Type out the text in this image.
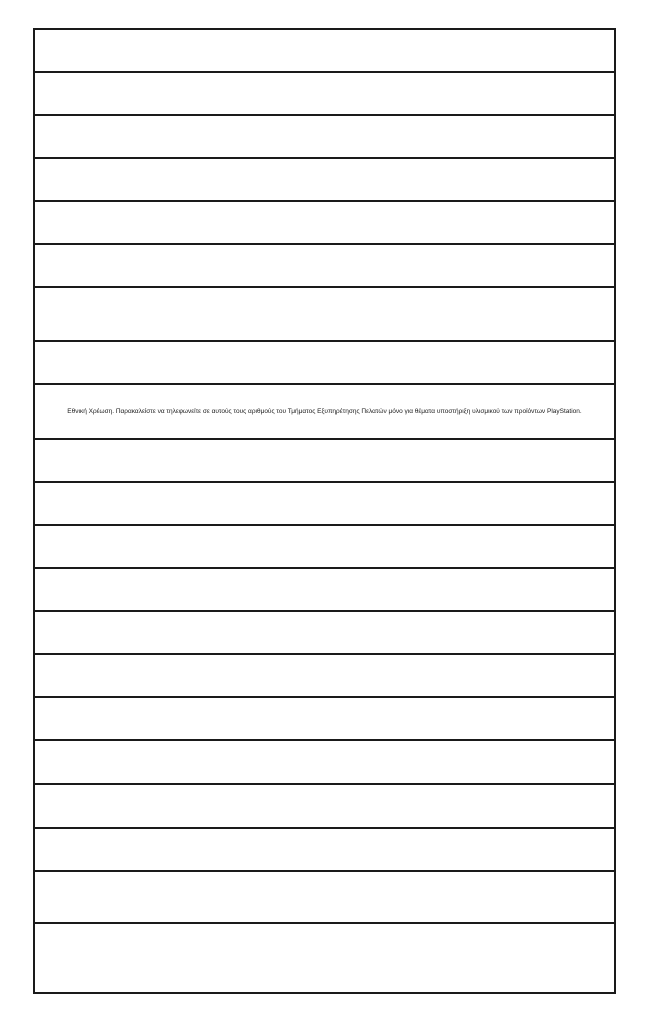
Εθνική Χρέωση. Παρακαλείστε να τηλεφωνείτε σε αυτούς τους αριθμούς του Τμήματος Εξυπηρέτησης Πελατών μόνο για θέματα υποστήριξη υλισμικού των προϊόντων PlayStation.
